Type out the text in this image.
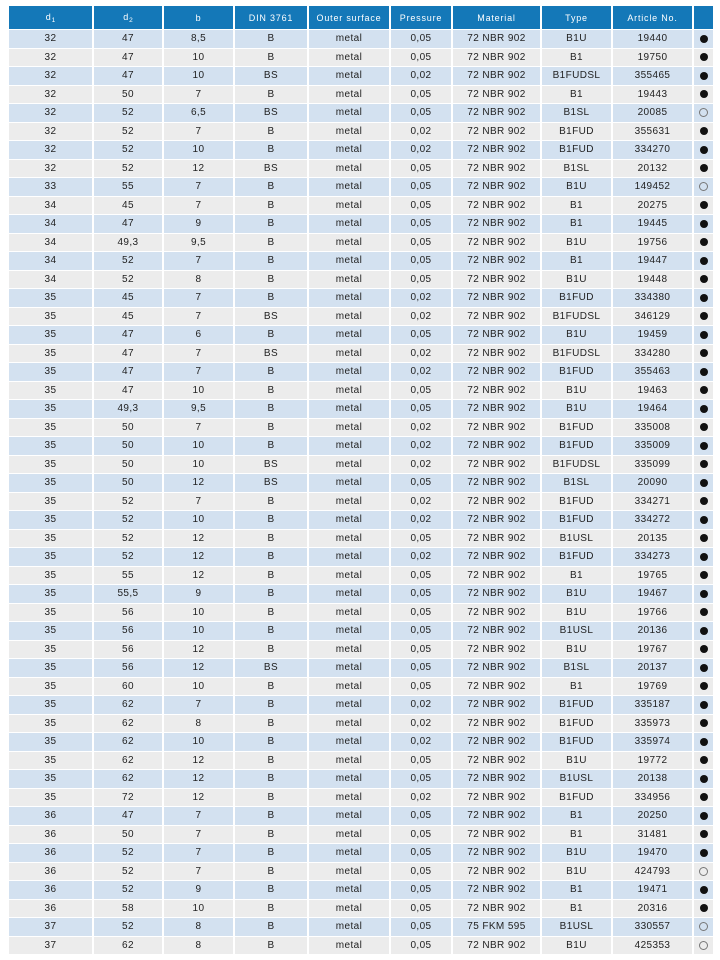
$d_1$	$d_2$	b	DIN 3761	Outer surface	Pressure	Material	Type	Article No.	
32	47	8,5	B	metal	0,05	72 NBR 902	B1U	19440	
32	47	10	B	metal	0,05	72 NBR 902	B1	19750	
32	47	10	BS	metal	0,02	72 NBR 902	B1FUDSL	355465	
32	50	7	B	metal	0,05	72 NBR 902	B1	19443	
32	52	6,5	BS	metal	0,05	72 NBR 902	B1SL	20085	
32	52	7	B	metal	0,02	72 NBR 902	B1FUD	355631	
32	52	10	B	metal	0,02	72 NBR 902	B1FUD	334270	
32	52	12	BS	metal	0,05	72 NBR 902	B1SL	20132	
33	55	7	B	metal	0,05	72 NBR 902	B1U	149452	
34	45	7	B	metal	0,05	72 NBR 902	B1	20275	
34	47	9	B	metal	0,05	72 NBR 902	B1	19445	
34	49,3	9,5	B	metal	0,05	72 NBR 902	B1U	19756	
34	52	7	B	metal	0,05	72 NBR 902	B1	19447	
34	52	8	B	metal	0,05	72 NBR 902	B1U	19448	
35	45	7	B	metal	0,02	72 NBR 902	B1FUD	334380	
35	45	7	BS	metal	0,02	72 NBR 902	B1FUDSL	346129	
35	47	6	B	metal	0,05	72 NBR 902	B1U	19459	
35	47	7	BS	metal	0,02	72 NBR 902	B1FUDSL	334280	
35	47	7	B	metal	0,02	72 NBR 902	B1FUD	355463	
35	47	10	B	metal	0,05	72 NBR 902	B1U	19463	
35	49,3	9,5	B	metal	0,05	72 NBR 902	B1U	19464	
35	50	7	B	metal	0,02	72 NBR 902	B1FUD	335008	
35	50	10	B	metal	0,02	72 NBR 902	B1FUD	335009	
35	50	10	BS	metal	0,02	72 NBR 902	B1FUDSL	335099	
35	50	12	BS	metal	0,05	72 NBR 902	B1SL	20090	
35	52	7	B	metal	0,02	72 NBR 902	B1FUD	334271	
35	52	10	B	metal	0,02	72 NBR 902	B1FUD	334272	
35	52	12	B	metal	0,05	72 NBR 902	B1USL	20135	
35	52	12	B	metal	0,02	72 NBR 902	B1FUD	334273	
35	55	12	B	metal	0,05	72 NBR 902	B1	19765	
35	55,5	9	B	metal	0,05	72 NBR 902	B1U	19467	
35	56	10	B	metal	0,05	72 NBR 902	B1U	19766	
35	56	10	B	metal	0,05	72 NBR 902	B1USL	20136	
35	56	12	B	metal	0,05	72 NBR 902	B1U	19767	
35	56	12	BS	metal	0,05	72 NBR 902	B1SL	20137	
35	60	10	B	metal	0,05	72 NBR 902	B1	19769	
35	62	7	B	metal	0,02	72 NBR 902	B1FUD	335187	
35	62	8	B	metal	0,02	72 NBR 902	B1FUD	335973	
35	62	10	B	metal	0,02	72 NBR 902	B1FUD	335974	
35	62	12	B	metal	0,05	72 NBR 902	B1U	19772	
35	62	12	B	metal	0,05	72 NBR 902	B1USL	20138	
35	72	12	B	metal	0,02	72 NBR 902	B1FUD	334956	
36	47	7	B	metal	0,05	72 NBR 902	B1	20250	
36	50	7	B	metal	0,05	72 NBR 902	B1	31481	
36	52	7	B	metal	0,05	72 NBR 902	B1U	19470	
36	52	7	B	metal	0,05	72 NBR 902	B1U	424793	
36	52	9	B	metal	0,05	72 NBR 902	B1	19471	
36	58	10	B	metal	0,05	72 NBR 902	B1	20316	
37	52	8	B	metal	0,05	75 FKM 595	B1USL	330557	
37	62	8	B	metal	0,05	72 NBR 902	B1U	425353	
